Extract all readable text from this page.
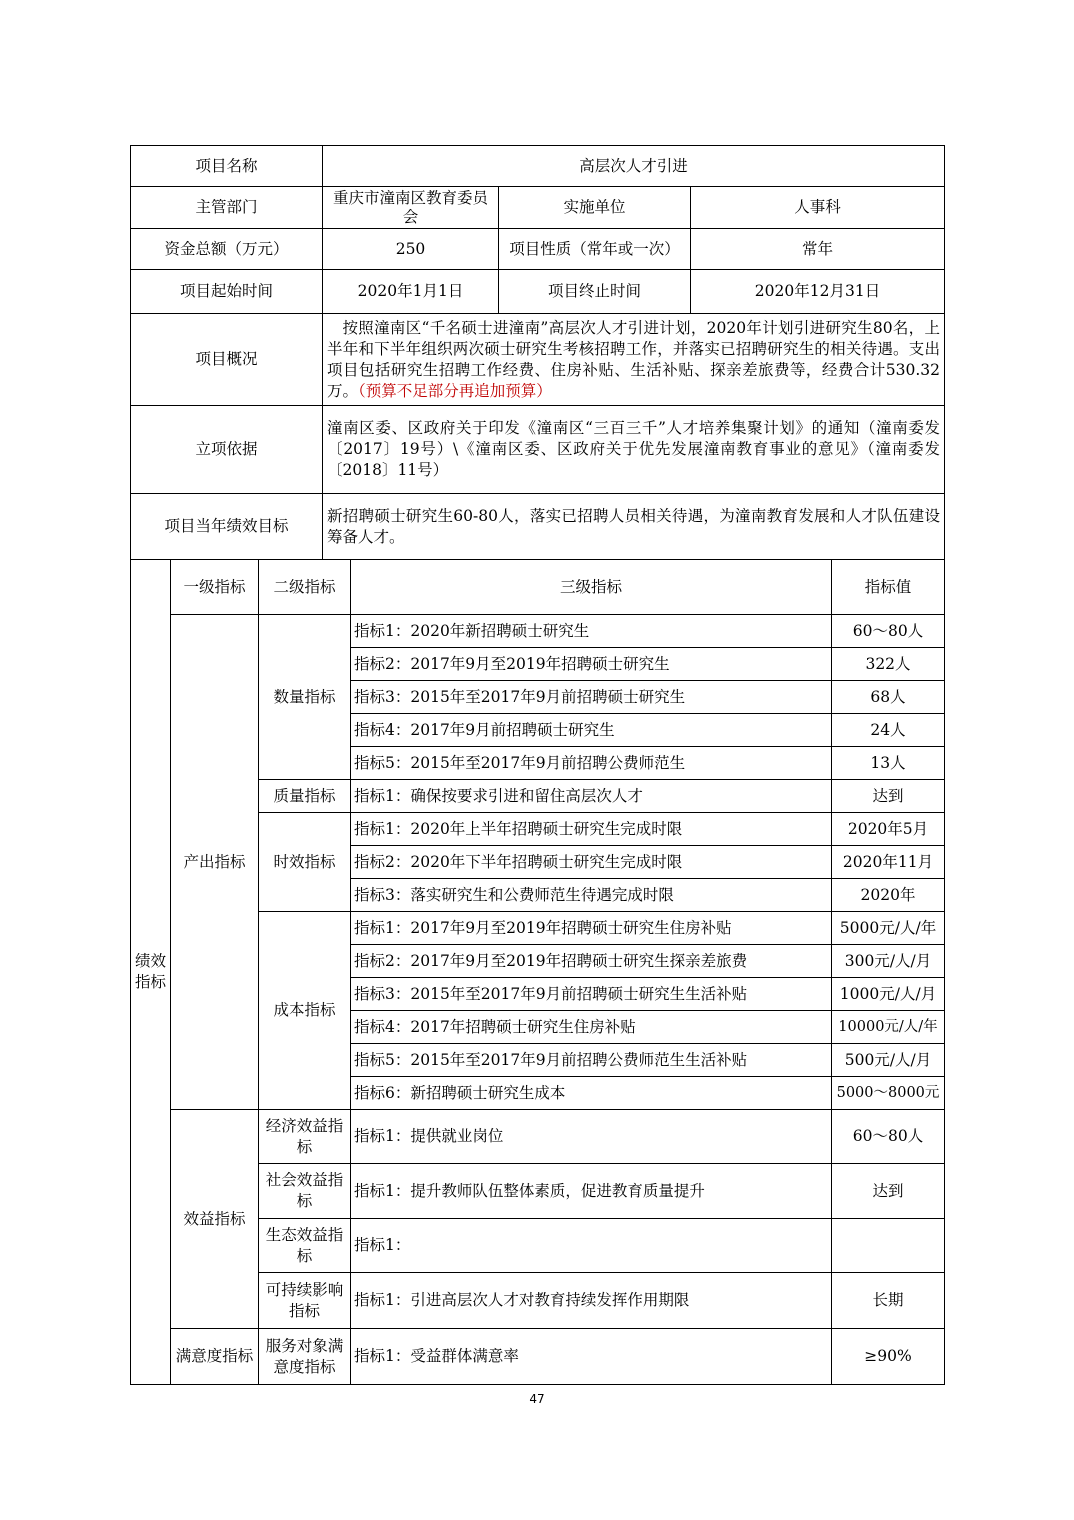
项目名称	高层次人才引进		
主管部门	重庆市潼南区教育委员会	实施单位	人事科
资金总额（万元）	250	项目性质（常年或一次）	常年
项目起始时间	2020年1月1日	项目终止时间	2020年12月31日
项目概况	按照潼南区“千名硕士进潼南”高层次人才引进计划，2020年计划引进研究生80名，上半年和下半年组织两次硕士研究生考核招聘工作，并落实已招聘研究生的相关待遇。支出项目包括研究生招聘工作经费、住房补贴、生活补贴、探亲差旅费等，经费合计530.32万。（预算不足部分再追加预算）		
立项依据	潼南区委、区政府关于印发《潼南区“三百三千”人才培养集聚计划》的通知（潼南委发〔2017〕19号）\《潼南区委、区政府关于优先发展潼南教育事业的意见》（潼南委发〔2018〕11号）		
项目当年绩效目标	新招聘硕士研究生60-80人，落实已招聘人员相关待遇，为潼南教育发展和人才队伍建设筹备人才。		
绩效指标	一级指标	二级指标	三级指标	指标值
	产出指标	数量指标	指标1：2020年新招聘硕士研究生	60～80人
			指标2：2017年9月至2019年招聘硕士研究生	322人
			指标3：2015年至2017年9月前招聘硕士研究生	68人
			指标4：2017年9月前招聘硕士研究生	24人
			指标5：2015年至2017年9月前招聘公费师范生	13人
		质量指标	指标1：确保按要求引进和留住高层次人才	达到
		时效指标	指标1：2020年上半年招聘硕士研究生完成时限	2020年5月
			指标2：2020年下半年招聘硕士研究生完成时限	2020年11月
			指标3：落实研究生和公费师范生待遇完成时限	2020年
		成本指标	指标1：2017年9月至2019年招聘硕士研究生住房补贴	5000元/人/年
			指标2：2017年9月至2019年招聘硕士研究生探亲差旅费	300元/人/月
			指标3：2015年至2017年9月前招聘硕士研究生生活补贴	1000元/人/月
			指标4：2017年招聘硕士研究生住房补贴	10000元/人/年
			指标5：2015年至2017年9月前招聘公费师范生生活补贴	500元/人/月
			指标6：新招聘硕士研究生成本	5000～8000元
	效益指标	经济效益指标	指标1：提供就业岗位	60～80人
		社会效益指标	指标1：提升教师队伍整体素质，促进教育质量提升	达到
		生态效益指标	指标1：	
		可持续影响指标	指标1：引进高层次人才对教育持续发挥作用期限	长期
	满意度指标	服务对象满意度指标	指标1：受益群体满意率	≥90%
47
